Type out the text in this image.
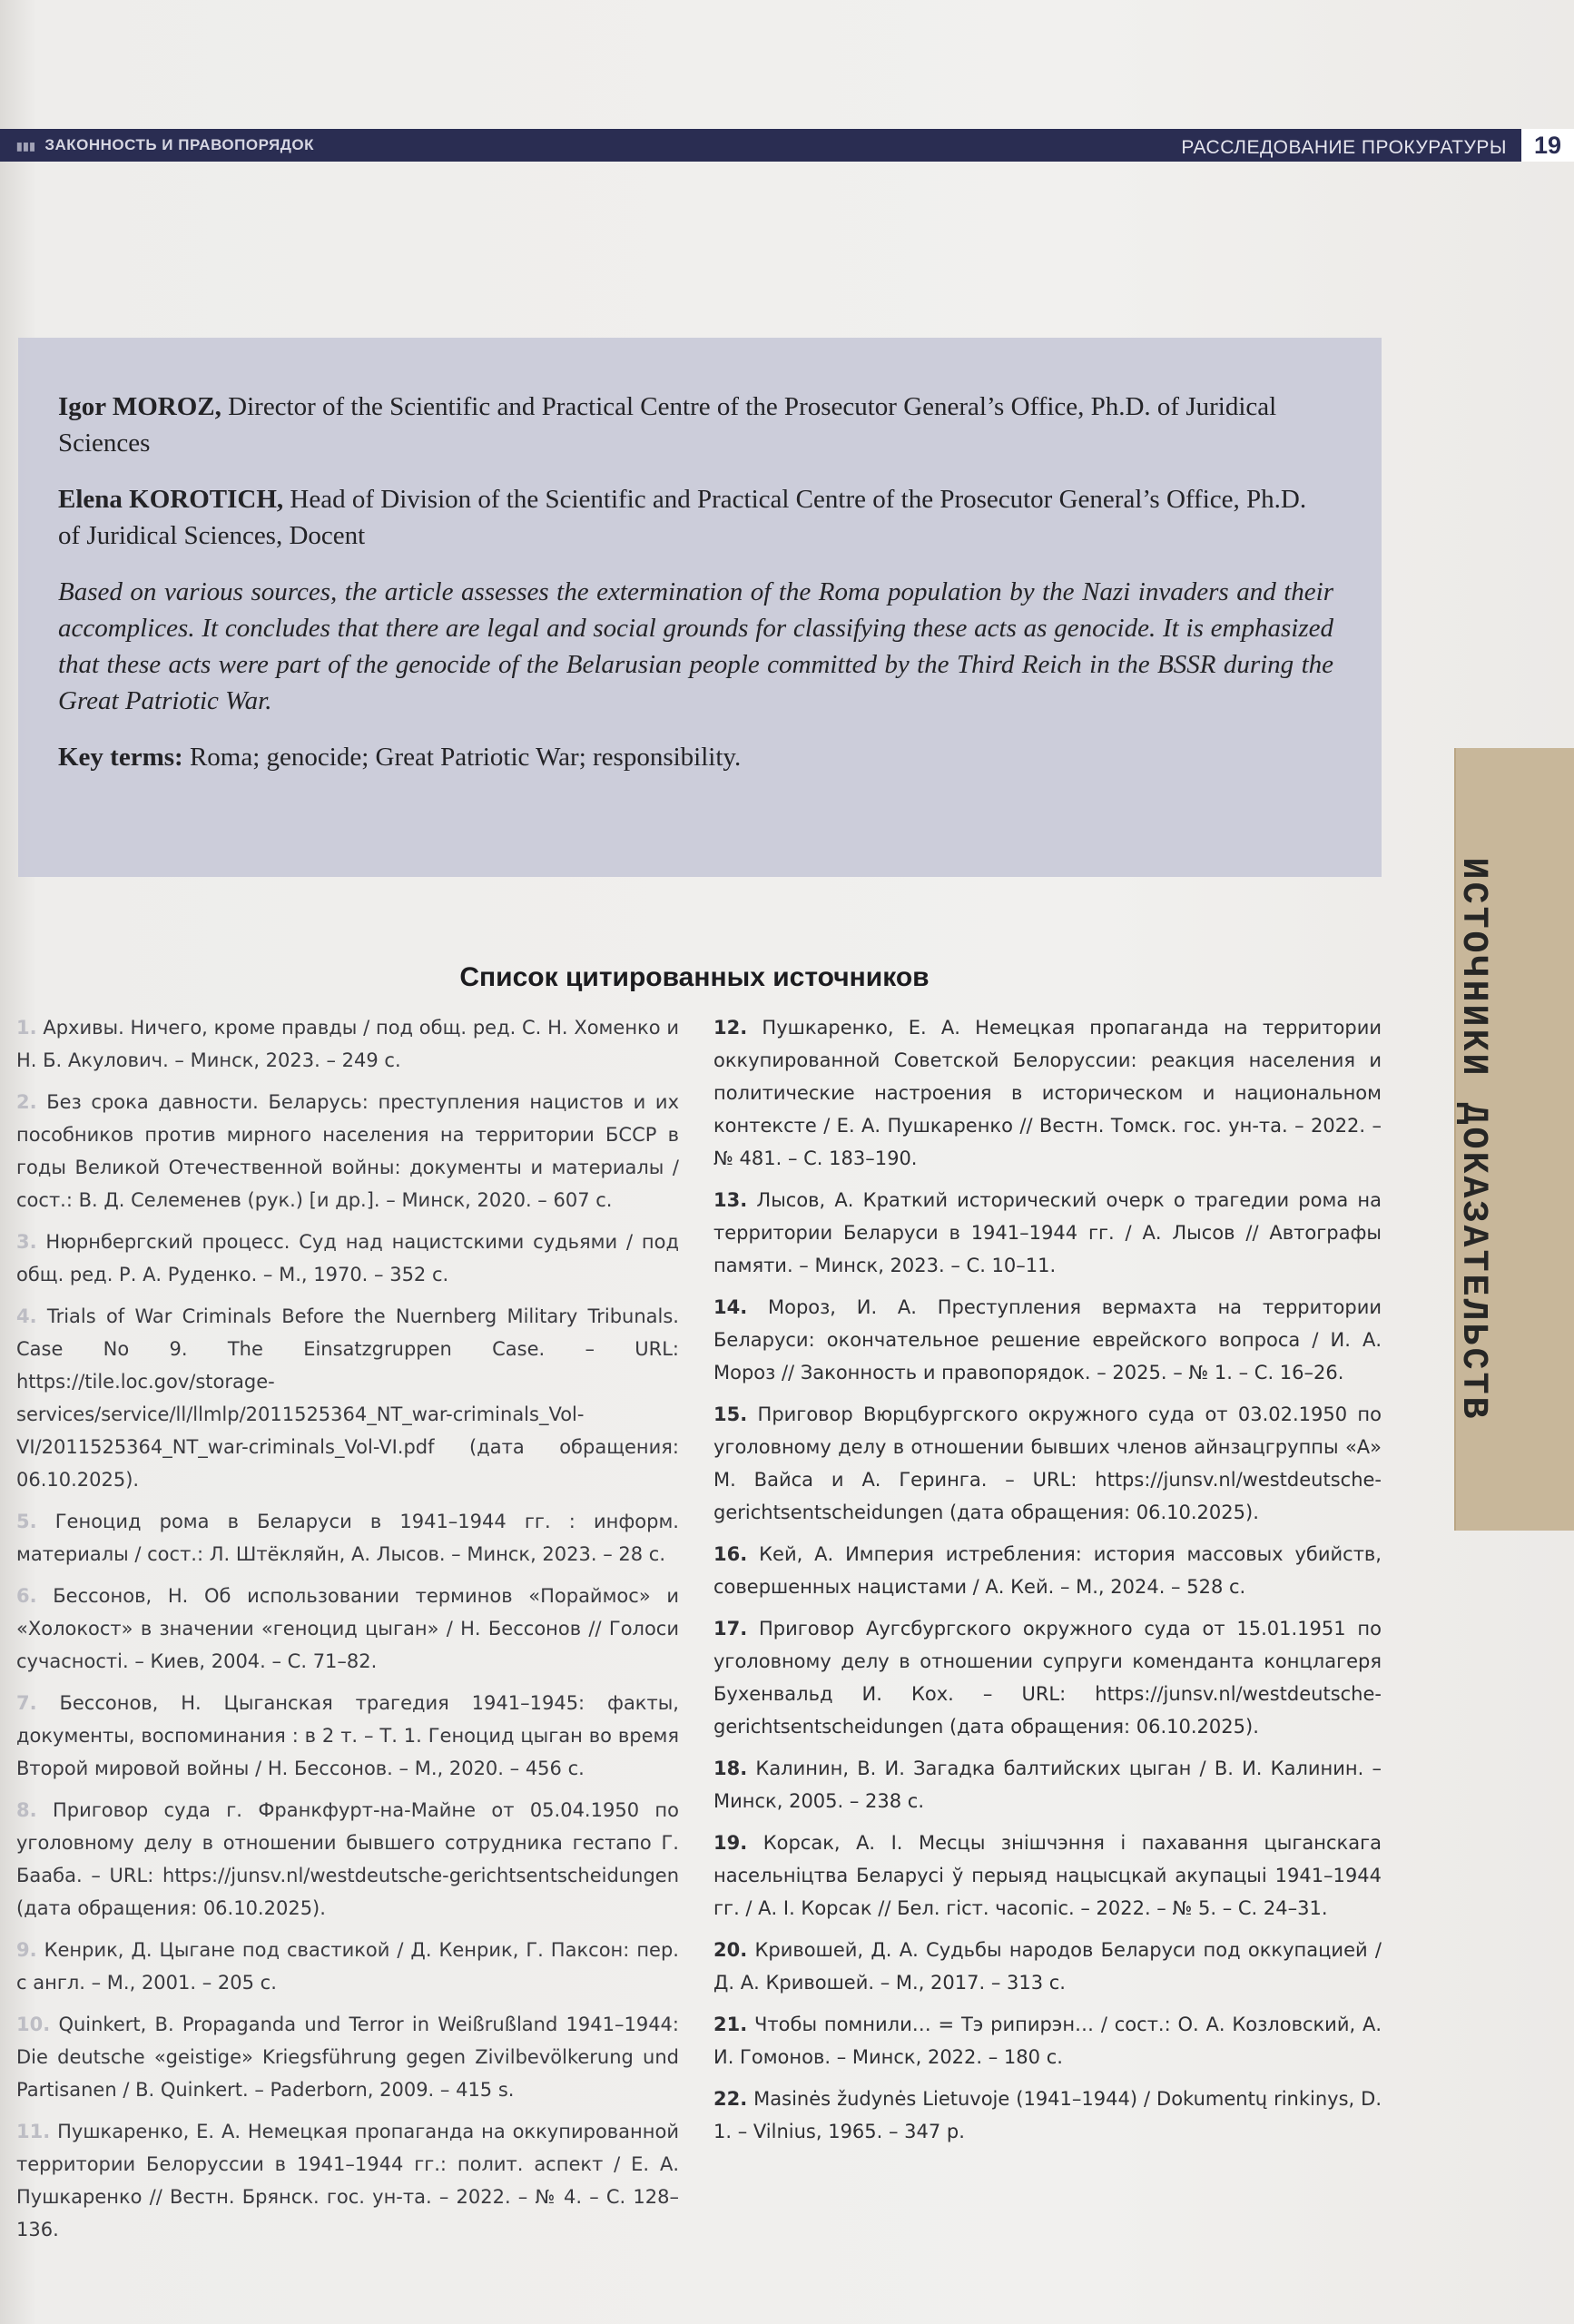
▮▮▮ ЗАКОННОСТЬ И ПРАВОПОРЯДОК	РАССЛЕДОВАНИЕ ПРОКУРАТУРЫ 19

Igor MOROZ, Director of the Scientific and Practical Centre of the Prosecutor General’s Office, Ph.D. of Juridical Sciences

Elena KOROTICH, Head of Division of the Scientific and Practical Centre of the Prosecutor General’s Office, Ph.D. of Juridical Sciences, Docent

Based on various sources, the article assesses the extermination of the Roma population by the Nazi invaders and their accomplices. It concludes that there are legal and social grounds for classifying these acts as genocide. It is emphasized that these acts were part of the genocide of the Belarusian people committed by the Third Reich in the BSSR during the Great Patriotic War.

Key terms: Roma; genocide; Great Patriotic War; responsibility.

ИСТОЧНИКИ ДОКАЗАТЕЛЬСТВ
Список цитированных источников

1. Архивы. Ничего, кроме правды / под общ. ред. С. Н. Хоменко и Н. Б. Акулович. – Минск, 2023. – 249 с.

2. Без срока давности. Беларусь: преступления нацистов и их пособников против мирного населения на территории БССР в годы Великой Отечественной войны: документы и материалы / сост.: В. Д. Селеменев (рук.) [и др.]. – Минск, 2020. – 607 с.

3. Нюрнбергский процесс. Суд над нацистскими судьями / под общ. ред. Р. А. Руденко. – М., 1970. – 352 с.

4. Trials of War Criminals Before the Nuernberg Military Tribunals. Case No 9. The Einsatzgruppen Case. – URL: https://tile.loc.gov/storage-services/service/ll/llmlp/2011525364_NT_war-criminals_Vol-VI/2011525364_NT_war-criminals_Vol-VI.pdf (дата обращения: 06.10.2025).

5. Геноцид рома в Беларуси в 1941–1944 гг. : информ. материалы / сост.: Л. Штёкляйн, А. Лысов. – Минск, 2023. – 28 с.

6. Бессонов, Н. Об использовании терминов «Пораймос» и «Холокост» в значении «геноцид цыган» / Н. Бессонов // Голоси сучасності. – Киев, 2004. – С. 71–82.

7. Бессонов, Н. Цыганская трагедия 1941–1945: факты, документы, воспоминания : в 2 т. – Т. 1. Геноцид цыган во время Второй мировой войны / Н. Бессонов. – М., 2020. – 456 с.

8. Приговор суда г. Франкфурт-на-Майне от 05.04.1950 по уголовному делу в отношении бывшего сотрудника гестапо Г. Бааба. – URL: https://junsv.nl/westdeutsche-gerichtsentscheidungen (дата обращения: 06.10.2025).

9. Кенрик, Д. Цыгане под свастикой / Д. Кенрик, Г. Паксон: пер. с англ. – М., 2001. – 205 с.

10. Quinkert, B. Propaganda und Terror in Weißrußland 1941–1944: Die deutsche «geistige» Kriegsführung gegen Zivilbevölkerung und Partisanen / B. Quinkert. – Paderborn, 2009. – 415 s.

11. Пушкаренко, Е. А. Немецкая пропаганда на оккупированной территории Белоруссии в 1941–1944 гг.: полит. аспект / Е. А. Пушкаренко // Вестн. Брянск. гос. ун-та. – 2022. – № 4. – С. 128–136.

12. Пушкаренко, Е. А. Немецкая пропаганда на территории оккупированной Советской Белоруссии: реакция населения и политические настроения в историческом и национальном контексте / Е. А. Пушкаренко // Вестн. Томск. гос. ун-та. – 2022. – № 481. – С. 183–190.

13. Лысов, А. Краткий исторический очерк о трагедии рома на территории Беларуси в 1941–1944 гг. / А. Лысов // Автографы памяти. – Минск, 2023. – С. 10–11.

14. Мороз, И. А. Преступления вермахта на территории Беларуси: окончательное решение еврейского вопроса / И. А. Мороз // Законность и правопорядок. – 2025. – № 1. – С. 16–26.

15. Приговор Вюрцбургского окружного суда от 03.02.1950 по уголовному делу в отношении бывших членов айнзацгруппы «А» М. Вайса и А. Геринга. – URL: https://junsv.nl/westdeutsche-gerichtsentscheidungen (дата обращения: 06.10.2025).

16. Кей, А. Империя истребления: история массовых убийств, совершенных нацистами / А. Кей. – М., 2024. – 528 с.

17. Приговор Аугсбургского окружного суда от 15.01.1951 по уголовному делу в отношении супруги коменданта концлагеря Бухенвальд И. Кох. – URL: https://junsv.nl/westdeutsche-gerichtsentscheidungen (дата обращения: 06.10.2025).

18. Калинин, В. И. Загадка балтийских цыган / В. И. Калинин. – Минск, 2005. – 238 с.

19. Корсак, А. І. Месцы знішчэння і пахавання цыганскага насельніцтва Беларусі ў перыяд нацысцкай акупацыі 1941–1944 гг. / А. І. Корсак // Бел. гіст. часопіс. – 2022. – № 5. – С. 24–31.

20. Кривошей, Д. А. Судьбы народов Беларуси под оккупацией / Д. А. Кривошей. – М., 2017. – 313 с.

21. Чтобы помнили… = Тэ рипирэн… / сост.: О. А. Козловский, А. И. Гомонов. – Минск, 2022. – 180 с.

22. Masinės žudynės Lietuvoje (1941–1944) / Dokumentų rinkinys, D. 1. – Vilnius, 1965. – 347 p.
